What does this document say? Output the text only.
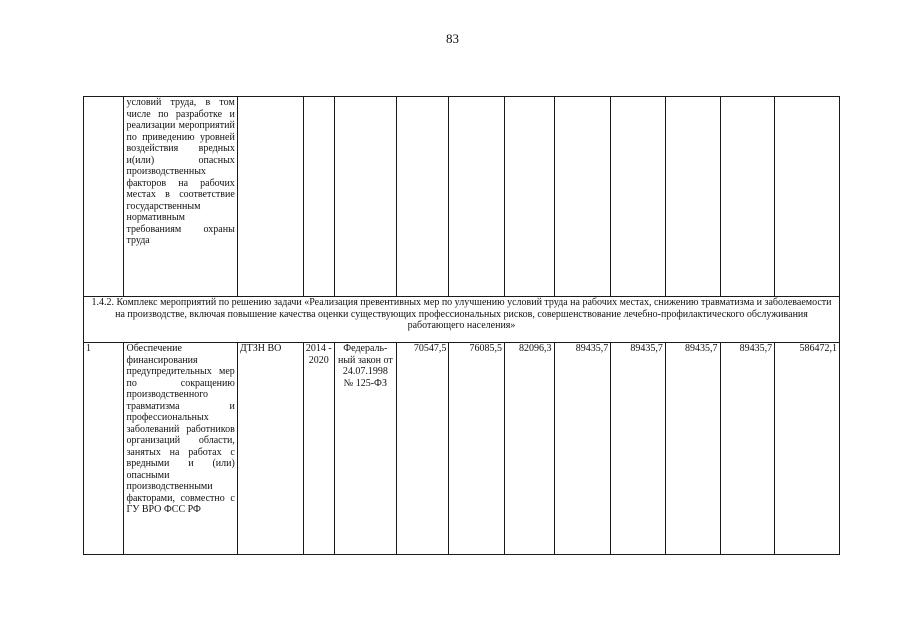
83
	условий труда, в том числе по разработке и реализации мероприятий по приведению уровней воздействия вредных и(или) опасных производственных факторов на рабочих местах в соответствие государственным нормативным требованиям охраны труда											
1.4.2. Комплекс мероприятий по решению задачи «Реализация превентивных мер по улучшению условий труда на рабочих местах, снижению травматизма и заболеваемости на производстве, включая повышение качества оценки существующих профессиональных рисков, совершенствование лечебно-профилактического обслуживания работающего населения»												
1	Обеспечение финансирования предупредительных мер по сокращению производственного травматизма и профессиональных заболеваний работников организаций области, занятых на работах с вредными и (или) опасными производственными факторами, совместно с ГУ ВРО ФСС РФ	ДТЗН ВО	2014 - 2020	Федераль-ный закон от 24.07.1998 № 125-ФЗ	70547,5	76085,5	82096,3	89435,7	89435,7	89435,7	89435,7	586472,1
